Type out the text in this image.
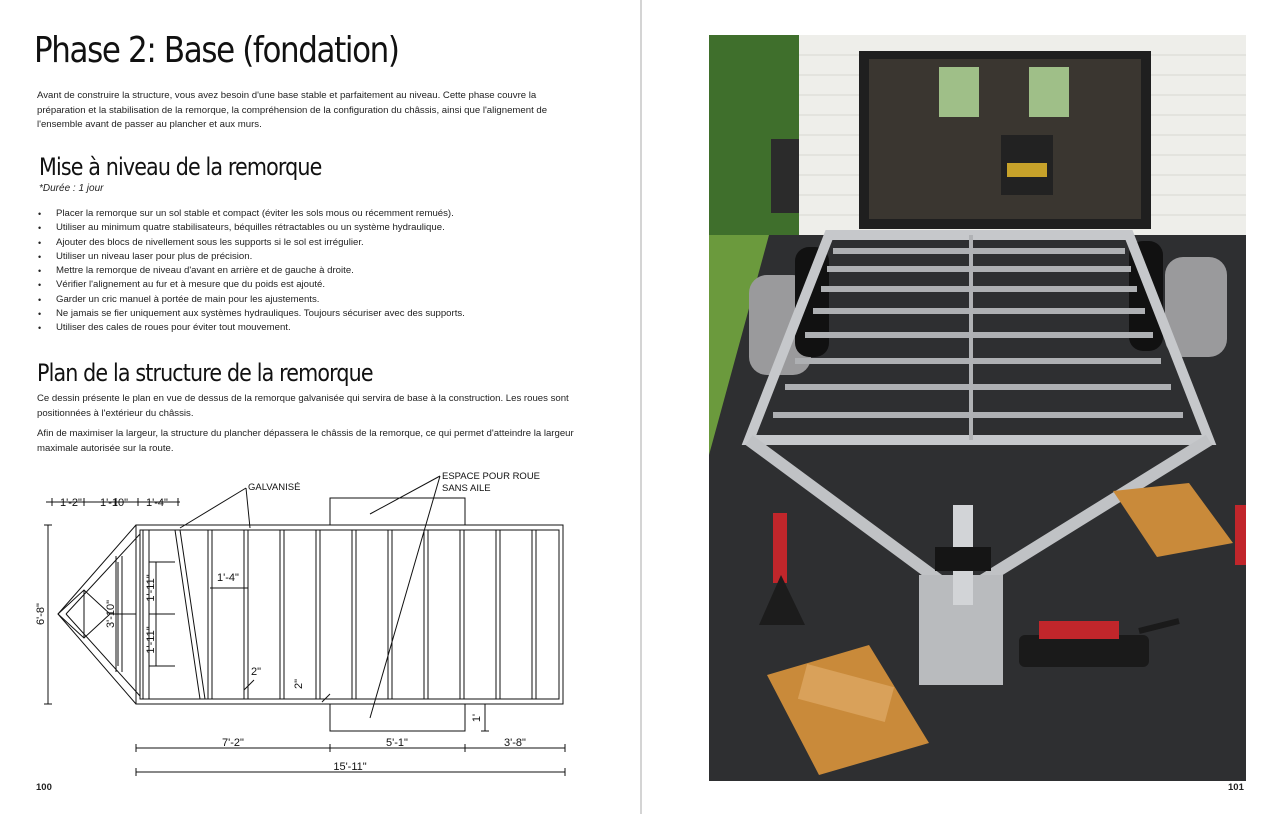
Phase 2: Base (fondation)

Avant de construire la structure, vous avez besoin d'une base stable et parfaitement au niveau. Cette phase couvre la préparation et la stabilisation de la remorque, la compréhension de la configuration du châssis, ainsi que l'alignement de l'ensemble avant de passer au plancher et aux murs.

Mise à niveau de la remorque
*Durée : 1 jour
• Placer la remorque sur un sol stable et compact (éviter les sols mous ou récemment remués).
• Utiliser au minimum quatre stabilisateurs, béquilles rétractables ou un système hydraulique.
• Ajouter des blocs de nivellement sous les supports si le sol est irrégulier.
• Utiliser un niveau laser pour plus de précision.
• Mettre la remorque de niveau d'avant en arrière et de gauche à droite.
• Vérifier l'alignement au fur et à mesure que du poids est ajouté.
• Garder un cric manuel à portée de main pour les ajustements.
• Ne jamais se fier uniquement aux systèmes hydrauliques. Toujours sécuriser avec des supports.
• Utiliser des cales de roues pour éviter tout mouvement.
Plan de la structure de la remorque

Ce dessin présente le plan en vue de dessus de la remorque galvanisée qui servira de base à la construction. Les roues sont positionnées à l'extérieur du châssis.

Afin de maximiser la largeur, la structure du plancher dépassera le châssis de la remorque, ce qui permet d'atteindre la largeur maximale autorisée sur la route.

GALVANISÉ
ESPACE POUR ROUE
SANS AILE
1'-2" 1'-10" 1'-4"
6'-8"	3'-10"
1'-11"
1'-11"
1'-4"
2"
2"
1'
7'-2"	5'-1"	3'-8"
15'-11"
100	101
